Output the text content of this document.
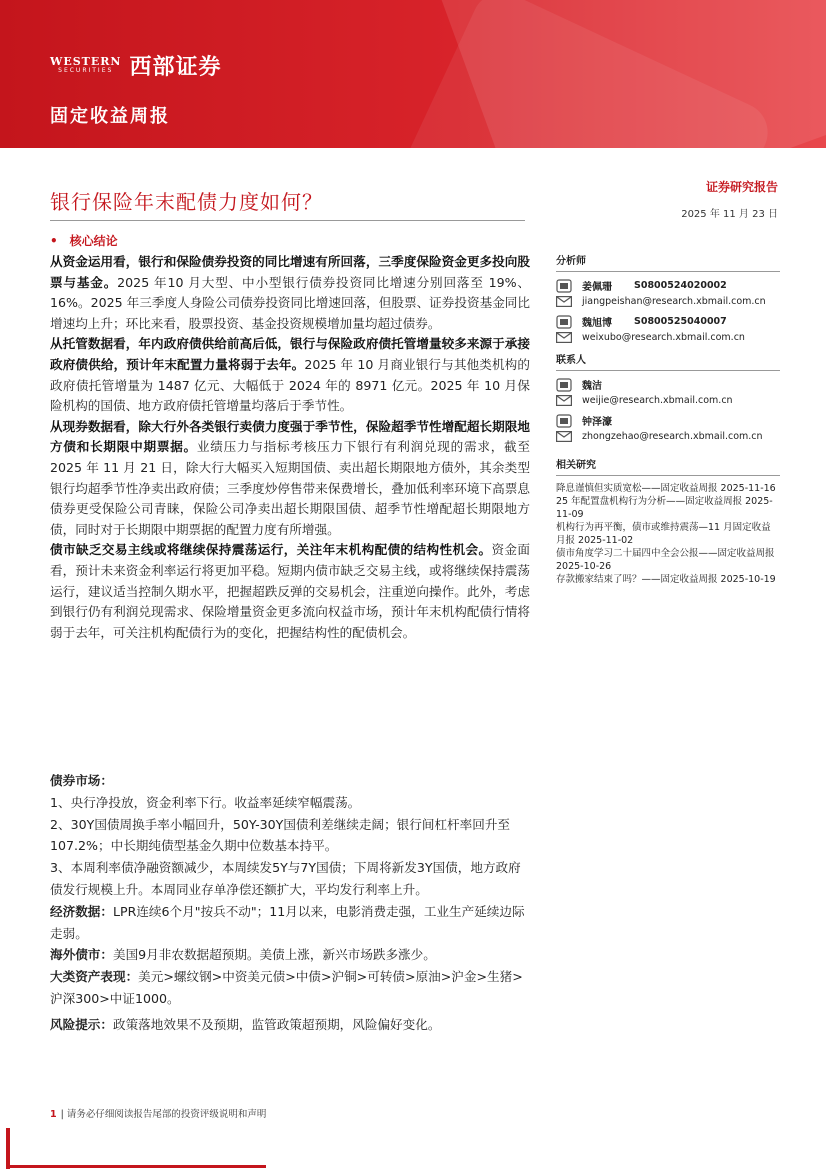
WESTERN
SECURITIES 西部证券
固定收益周报
银行保险年末配债力度如何？
证券研究报告
2025 年 11 月 23 日
• 核心结论

从资金运用看，银行和保险债券投资的同比增速有所回落，三季度保险资金更多投向股票与基金。2025 年10 月大型、中小型银行债券投资同比增速分别回落至 19%、16%。2025 年三季度人身险公司债券投资同比增速回落，但股票、证券投资基金同比增速均上升；环比来看，股票投资、基金投资规模增加量均超过债券。

从托管数据看，年内政府债供给前高后低，银行与保险政府债托管增量较多来源于承接政府债供给，预计年末配置力量将弱于去年。2025 年 10 月商业银行与其他类机构的政府债托管增量为 1487 亿元、大幅低于 2024 年的 8971 亿元。2025 年 10 月保险机构的国债、地方政府债托管增量均落后于季节性。

从现券数据看，除大行外各类银行卖债力度强于季节性，保险超季节性增配超长期限地方债和长期限中期票据。业绩压力与指标考核压力下银行有利润兑现的需求，截至 2025 年 11 月 21 日，除大行大幅买入短期国债、卖出超长期限地方债外，其余类型银行均超季节性净卖出政府债；三季度炒停售带来保费增长，叠加低利率环境下高票息债券更受保险公司青睐，保险公司净卖出超长期限国债、超季节性增配超长期限地方债，同时对于长期限中期票据的配置力度有所增强。

债市缺乏交易主线或将继续保持震荡运行，关注年末机构配债的结构性机会。资金面看，预计未来资金利率运行将更加平稳。短期内债市缺乏交易主线，或将继续保持震荡运行，建议适当控制久期水平，把握超跌反弹的交易机会，注重逆向操作。此外，考虑到银行仍有利润兑现需求、保险增量资金更多流向权益市场，预计年末机构配债行情将弱于去年，可关注机构配债行为的变化，把握结构性的配债机会。

债券市场：

1、央行净投放，资金利率下行。收益率延续窄幅震荡。

2、30Y国债周换手率小幅回升，50Y-30Y国债利差继续走阔；银行间杠杆率回升至107.2%；中长期纯债型基金久期中位数基本持平。

3、本周利率债净融资额减少，本周续发5Y与7Y国债；下周将新发3Y国债，地方政府债发行规模上升。本周同业存单净偿还额扩大，平均发行利率上升。

经济数据：LPR连续6个月"按兵不动"；11月以来，电影消费走强，工业生产延续边际走弱。

海外债市：美国9月非农数据超预期。美债上涨，新兴市场跌多涨少。

大类资产表现：美元>螺纹钢>中资美元债>中债>沪铜>可转债>原油>沪金>生猪>沪深300>中证1000。

风险提示：政策落地效果不及预期，监管政策超预期，风险偏好变化。

分析师
姜佩珊 S0800524020002
jiangpeishan@research.xbmail.com.cn
魏旭博 S0800525040007
weixubo@research.xbmail.com.cn
联系人
魏洁
weijie@research.xbmail.com.cn
钟泽濠
zhongzehao@research.xbmail.com.cn
相关研究
降息谨慎但实质宽松——固定收益周报 2025-11-16
25 年配置盘机构行为分析——固定收益周报 2025-11-09
机构行为再平衡，债市或维持震荡—11 月固定收益月报 2025-11-02
债市角度学习二十届四中全会公报——固定收益周报 2025-10-26
存款搬家结束了吗？——固定收益周报 2025-10-19
1 | 请务必仔细阅读报告尾部的投资评级说明和声明
